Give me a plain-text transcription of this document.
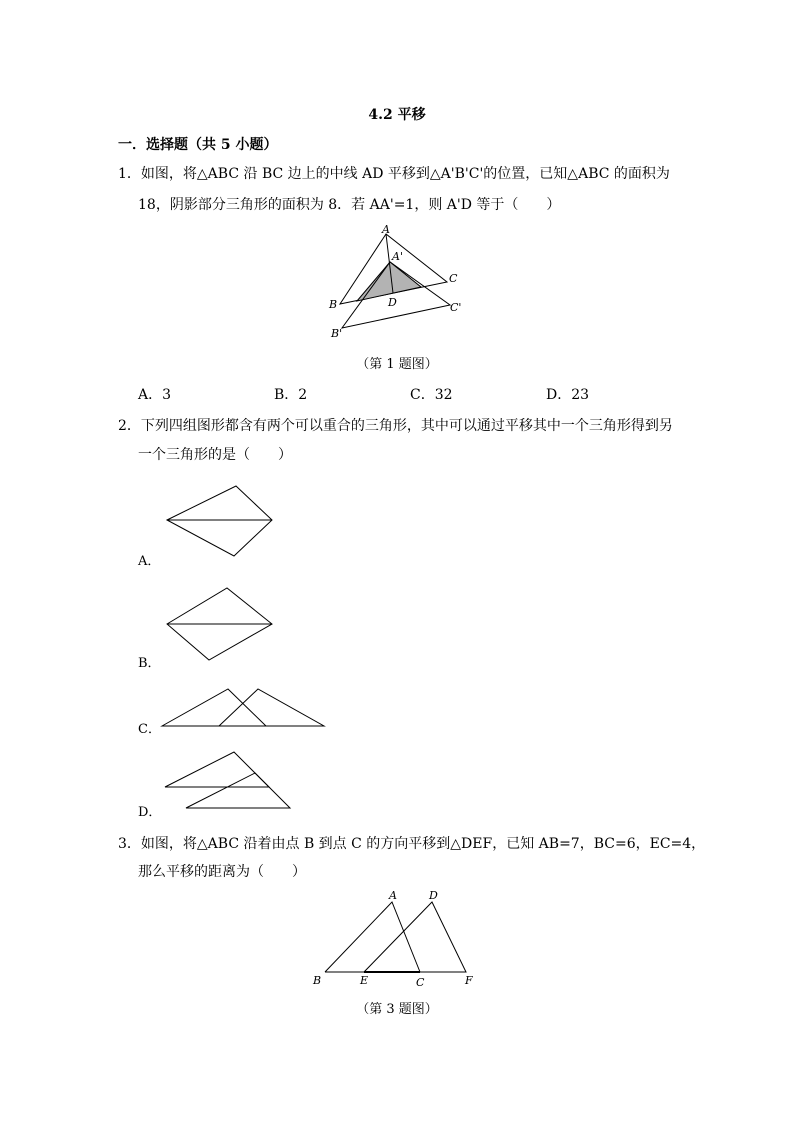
4.2 平移
一．选择题（共 5 小题）
1．如图，将△ABC 沿 BC 边上的中线 AD 平移到△A'B'C'的位置，已知△ABC 的面积为
18，阴影部分三角形的面积为 8．若 AA'=1，则 A'D 等于（　　）
A
A'
C
B	D	C'
B'
（第 1 题图）
A．3	B．2	C．32	D．23
2．下列四组图形都含有两个可以重合的三角形，其中可以通过平移其中一个三角形得到另
一个三角形的是（　　）
A．
B．
C．
D．
3．如图，将△ABC 沿着由点 B 到点 C 的方向平移到△DEF，已知 AB=7，BC=6，EC=4，
那么平移的距离为（　　）
A	D
B	E	C	F
（第 3 题图）
